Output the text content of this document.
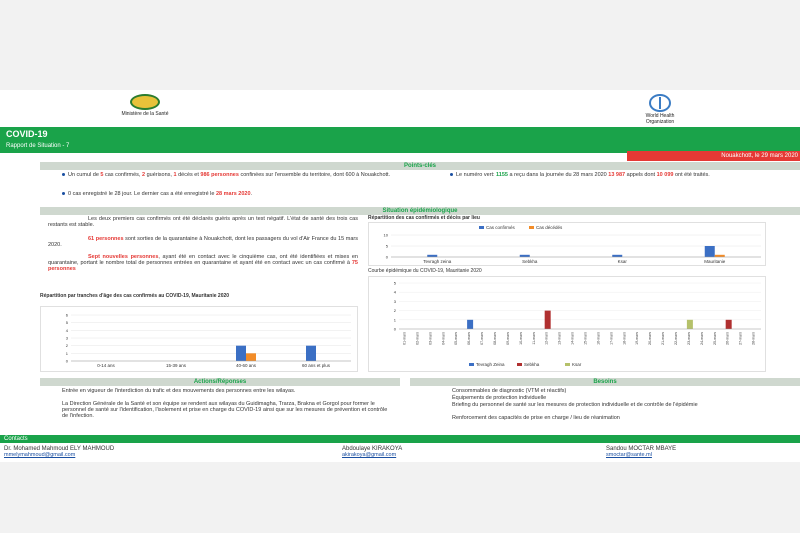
Ministère de la Santé	World Health Organization
COVID-19
Rapport de Situation - 7
Nouakchott, le 29 mars 2020
Points-clés
Un cumul de 5 cas confirmés, 2 guérisons, 1 décès et 986 personnes confinées sur l'ensemble du territoire, dont 600 à Nouakchott.
0 cas enregistré le 28 jour. Le dernier cas a été enregistré le 28 mars 2020.
Le numéro vert: 1155 a reçu dans la journée du 28 mars 2020 13 987 appels dont 10 099 ont été traités.
Situation épidémiologique
Les deux premiers cas confirmés ont été déclarés guéris après un test négatif. L'état de santé des trois cas restants est stable.
61 personnes sont sorties de la quarantaine à Nouakchott, dont les passagers du vol d'Air France du 15 mars 2020.
Sept nouvelles personnes, ayant été en contact avec le cinquième cas, ont été identifiées et mises en quarantaine, portant le nombre total de personnes entrées en quarantaine et ayant été en contact avec un cas confirmé à 75 personnes
Répartition par tranches d'âge des cas confirmés au COVID-19, Mauritanie 2020
0
1
2
3
4
5
6
0-14 ans	15-39 ans	40-60 ans	60 ans et plus
Répartition des cas confirmés et décès par lieu
0
5
10
Tevragh zeina	Sebkha	Ksar	Mauritanie
Cas confirmés	Cas décédés
Courbe épidémique du COVID-19, Mauritanie 2020
0
1
2
3
4
5
01-mars	02-mars	03-mars	04-mars	05-mars	06-mars	07-mars	08-mars	09-mars	10-mars	11-mars	12-mars	13-mars	14-mars	15-mars	16-mars	17-mars	18-mars	19-mars	20-mars	21-mars	22-mars	23-mars	24-mars	25-mars	26-mars	27-mars	28-mars
Tevragh Zeina	Sebkha	Ksar
Actions/Réponses	Besoins
Entrée en vigueur de l'interdiction du trafic et des mouvements des personnes entre les wilayas.
La Direction Générale de la Santé et son équipe se rendent aux wilayas du Guidimagha, Trarza, Brakna et Gorgol pour former le personnel de santé sur l'identification, l'isolement et prise en charge du COVID-19 ainsi que sur les mesures de prévention et contrôle de l'infection.
Consommables de diagnostic (VTM et réactifs)
Équipements de protection individuelle
Briefing du personnel de santé sur les mesures de protection individuelle et de contrôle de l'épidémie
Renforcement des capacités de prise en charge / lieu de réanimation
Contacts
Dr. Mohamed Mahmoud ELY MAHMOUD
mmelymahmoud@gmail.com
Abdoulaye KIRAKOYA
akirakoya@gmail.com
Sandou MOCTAR MBAYE
smoctar@sante.ml
